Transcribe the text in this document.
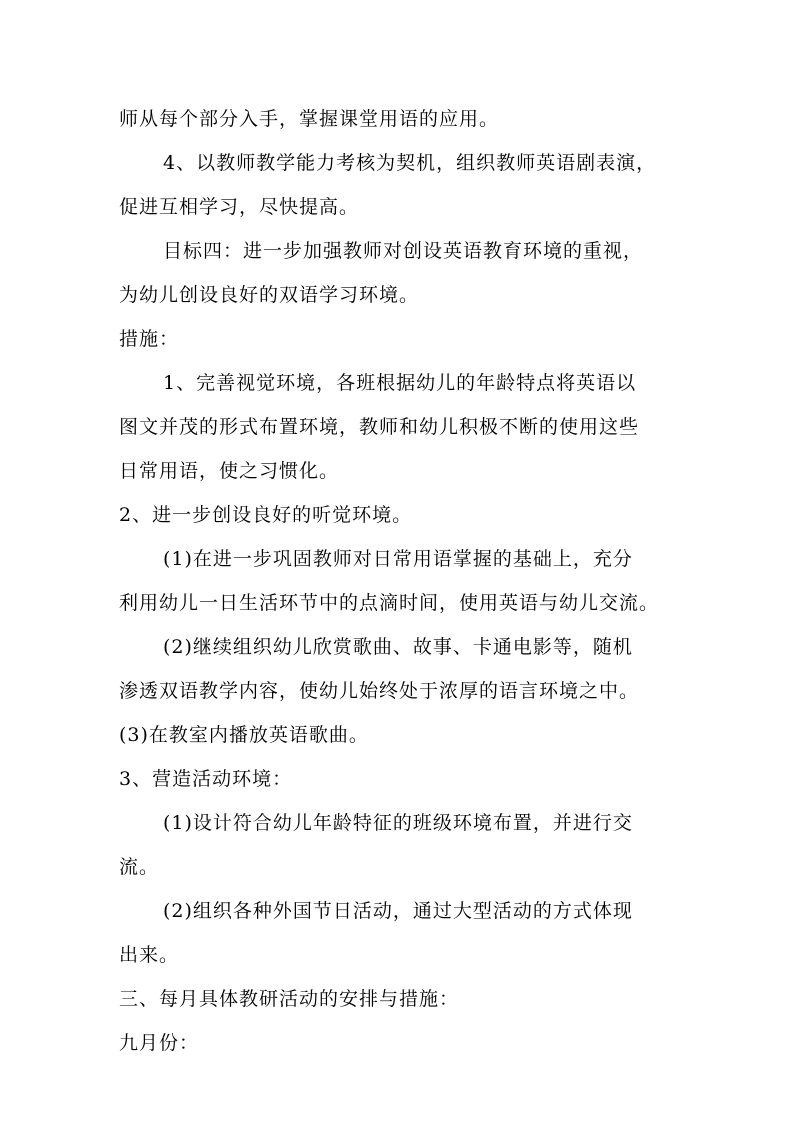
师从每个部分入手，掌握课堂用语的应用。
4、以教师教学能力考核为契机，组织教师英语剧表演，
促进互相学习，尽快提高。
目标四：进一步加强教师对创设英语教育环境的重视，
为幼儿创设良好的双语学习环境。
措施：
1、完善视觉环境，各班根据幼儿的年龄特点将英语以
图文并茂的形式布置环境，教师和幼儿积极不断的使用这些
日常用语，使之习惯化。
2、进一步创设良好的听觉环境。
(1)在进一步巩固教师对日常用语掌握的基础上，充分
利用幼儿一日生活环节中的点滴时间，使用英语与幼儿交流。
(2)继续组织幼儿欣赏歌曲、故事、卡通电影等，随机
渗透双语教学内容，使幼儿始终处于浓厚的语言环境之中。
(3)在教室内播放英语歌曲。
3、营造活动环境：
(1)设计符合幼儿年龄特征的班级环境布置，并进行交
流。
(2)组织各种外国节日活动，通过大型活动的方式体现
出来。
三、每月具体教研活动的安排与措施：
九月份：
